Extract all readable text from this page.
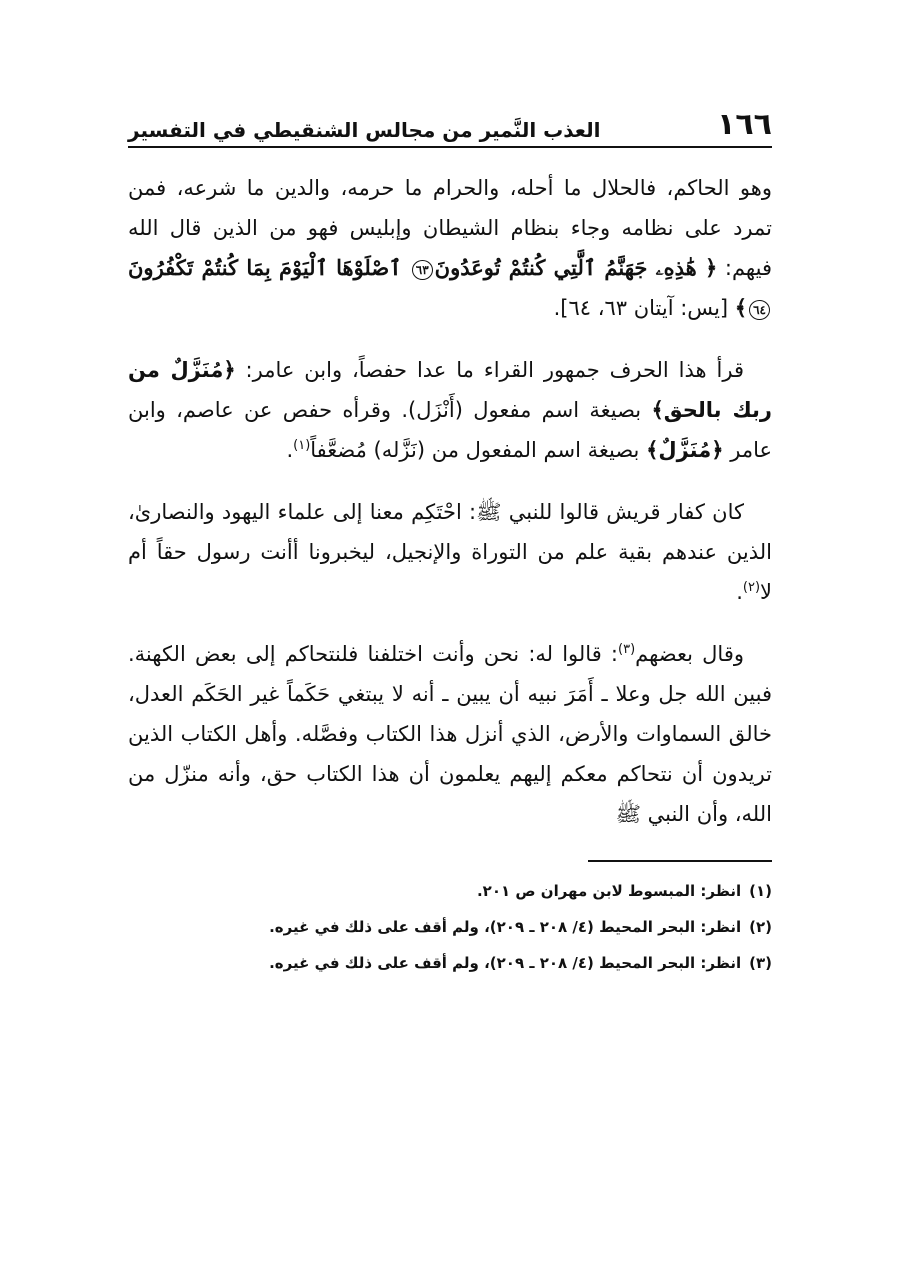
١٦٦
العذب النَّمير من مجالس الشنقيطي في التفسير

وهو الحاكم، فالحلال ما أحله، والحرام ما حرمه، والدين ما شرعه، فمن تمرد على نظامه وجاء بنظام الشيطان وإبليس فهو من الذين قال الله فيهم: ﴿ هَٰذِهِۦ جَهَنَّمُ ٱلَّتِي كُنتُمْ تُوعَدُونَ٦٣ ٱصْلَوْهَا ٱلْيَوْمَ بِمَا كُنتُمْ تَكْفُرُونَ٦٤﴾ [يس: آيتان ٦٣، ٦٤].

قرأ هذا الحرف جمهور القراء ما عدا حفصاً، وابن عامر: ﴿مُنَزَّلٌ من ربك بالحق﴾ بصيغة اسم مفعول (أَنْزَل). وقرأه حفص عن عاصم، وابن عامر ﴿مُنَزَّلٌ﴾ بصيغة اسم المفعول من (نَزَّله) مُضعَّفاً$^{(١)}$.

كان كفار قريش قالوا للنبي ﷺ: احْتَكِم معنا إلى علماء اليهود والنصارىٰ، الذين عندهم بقية علم من التوراة والإنجيل، ليخبرونا أأنت رسول حقاً أم لا$^{(٢)}$.

وقال بعضهم$^{(٣)}$: قالوا له: نحن وأنت اختلفنا فلنتحاكم إلى بعض الكهنة. فبين الله جل وعلا ـ أَمَرَ نبيه أن يبين ـ أنه لا يبتغي حَكَماً غير الحَكَم العدل، خالق السماوات والأرض، الذي أنزل هذا الكتاب وفصَّله. وأهل الكتاب الذين تريدون أن نتحاكم معكم إليهم يعلمون أن هذا الكتاب حق، وأنه منزّل من الله، وأن النبي ﷺ

(١)انظر: المبسوط لابن مهران ص ٢٠١.

(٢)انظر: البحر المحيط (٤/ ٢٠٨ ـ ٢٠٩)، ولم أقف على ذلك في غيره.

(٣)انظر: البحر المحيط (٤/ ٢٠٨ ـ ٢٠٩)، ولم أقف على ذلك في غيره.
